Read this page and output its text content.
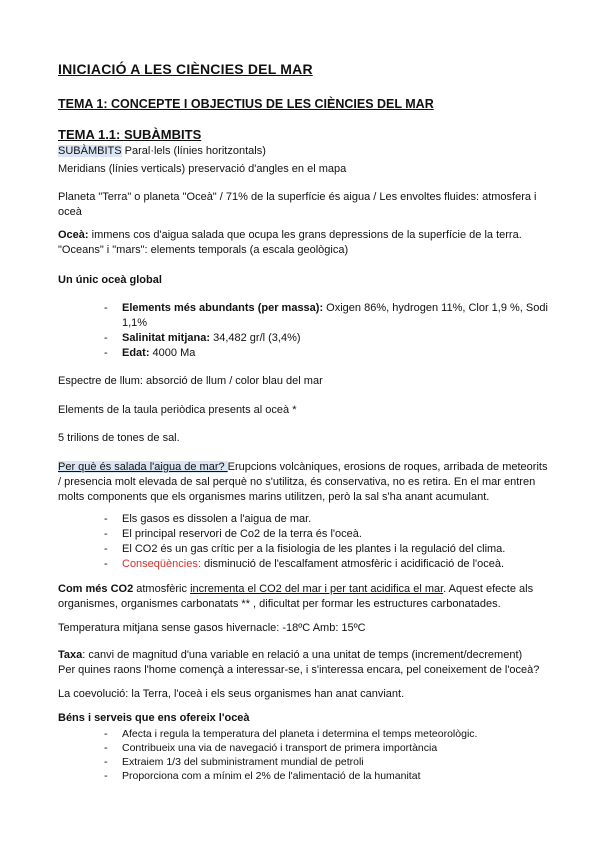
INICIACIÓ A LES CIÈNCIES DEL MAR
TEMA 1: CONCEPTE I OBJECTIUS DE LES CIÈNCIES DEL MAR
TEMA 1.1: SUBÀMBITS
SUBÀMBITS Paral·lels (línies horitzontals)
Meridians (línies verticals) preservació d'angles en el mapa
Planeta "Terra" o planeta "Oceà" / 71% de la superfície és aigua / Les envoltes fluides: atmosfera i
oceà
Oceà: immens cos d'aigua salada que ocupa les grans depressions de la superfície de la terra.
"Oceans" i "mars": elements temporals (a escala geològica)
Un únic oceà global
- Elements més abundants (per massa): Oxigen 86%, hydrogen 11%, Clor 1,9 %, Sodi
1,1%
- Salinitat mitjana: 34,482 gr/l (3,4%)
- Edat: 4000 Ma
Espectre de llum: absorció de llum / color blau del mar
Elements de la taula periòdica presents al oceà *
5 trilions de tones de sal.
Per què és salada l'aigua de mar? Erupcions volcàniques, erosions de roques, arribada de meteorits
/ presencia molt elevada de sal perquè no s'utilitza, és conservativa, no es retira. En el mar entren
molts components que els organismes marins utilitzen, però la sal s'ha anant acumulant.
- Els gasos es dissolen a l'aigua de mar.
- El principal reservori de Co2 de la terra és l'oceà.
- El CO2 és un gas crític per a la fisiologia de les plantes i la regulació del clima.
- Conseqüències: disminució de l'escalfament atmosfèric i acidificació de l'oceà.
Com més CO2 atmosfèric incrementa el CO2 del mar i per tant acidifica el mar. Aquest efecte als
organismes, organismes carbonatats ** , dificultat per formar les estructures carbonatades.
Temperatura mitjana sense gasos hivernacle: -18ºC Amb: 15ºC
Taxa: canvi de magnitud d'una variable en relació a una unitat de temps (increment/decrement)
Per quines raons l'home començà a interessar-se, i s'interessa encara, pel coneixement de l'oceà?
La coevolució: la Terra, l'oceà i els seus organismes han anat canviant.
Béns i serveis que ens ofereix l'oceà
- Afecta i regula la temperatura del planeta i determina el temps meteorològic.
- Contribueix una via de navegació i transport de primera importància
- Extraiem 1/3 del subministrament mundial de petroli
- Proporciona com a mínim el 2% de l'alimentació de la humanitat
